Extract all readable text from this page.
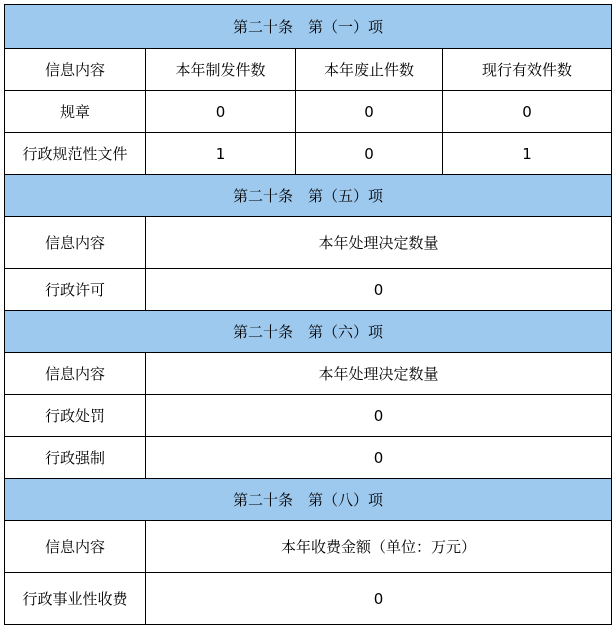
第二十条　第（一）项			
信息内容	本年制发件数	本年废止件数	现行有效件数
规章	0	0	0
行政规范性文件	1	0	1
第二十条　第（五）项			
信息内容	本年处理决定数量		
行政许可	0		
第二十条　第（六）项			
信息内容	本年处理决定数量		
行政处罚	0		
行政强制	0		
第二十条　第（八）项			
信息内容	本年收费金额（单位：万元）		
行政事业性收费	0		
